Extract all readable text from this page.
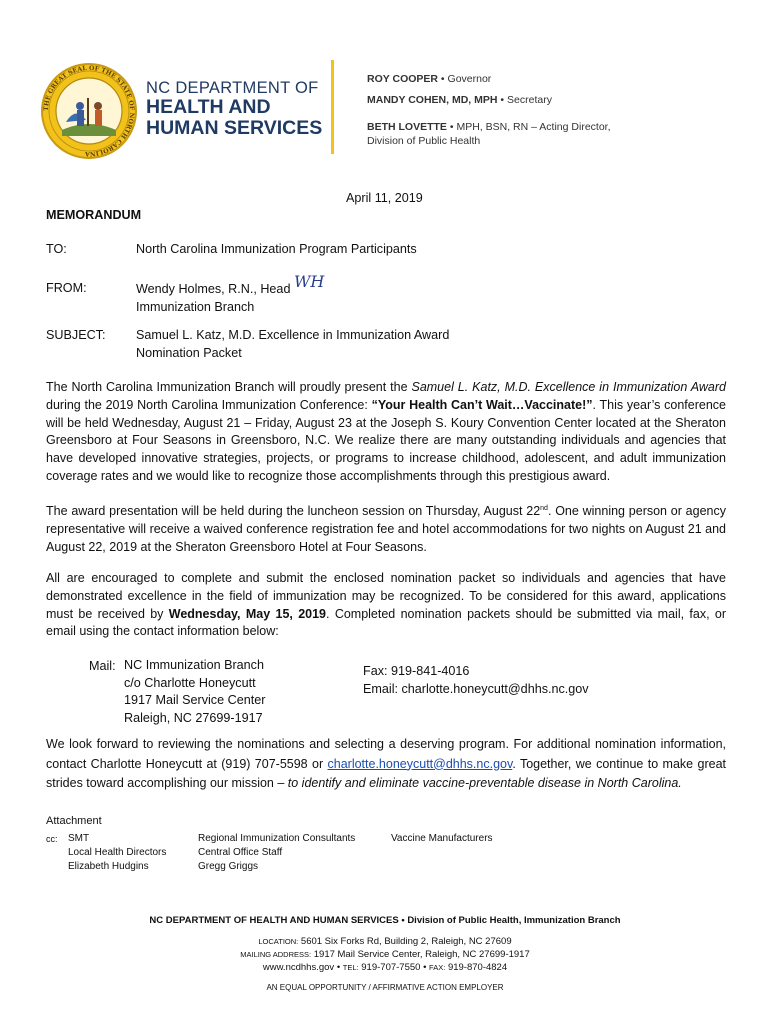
THE GREAT SEAL OF THE STATE OF NORTH CAROLINA
NC DEPARTMENT OF
HEALTH AND
HUMAN SERVICES
ROY COOPER • Governor
MANDY COHEN, MD, MPH • Secretary
BETH LOVETTE • MPH, BSN, RN – Acting Director,
Division of Public Health
April 11, 2019
MEMORANDUM
TO:	North Carolina Immunization Program Participants
FROM:	Wendy Holmes, R.N., Head WH
Immunization Branch
SUBJECT: Samuel L. Katz, M.D. Excellence in Immunization Award
Nomination Packet
The North Carolina Immunization Branch will proudly present the Samuel L. Katz, M.D. Excellence in Immunization Award during the 2019 North Carolina Immunization Conference: “Your Health Can’t Wait…Vaccinate!”. This year’s conference will be held Wednesday, August 21 – Friday, August 23 at the Joseph S. Koury Convention Center located at the Sheraton Greensboro at Four Seasons in Greensboro, N.C. We realize there are many outstanding individuals and agencies that have developed innovative strategies, projects, or programs to increase childhood, adolescent, and adult immunization coverage rates and we would like to recognize those accomplishments through this prestigious award.
The award presentation will be held during the luncheon session on Thursday, August 22nd. One winning person or agency representative will receive a waived conference registration fee and hotel accommodations for two nights on August 21 and August 22, 2019 at the Sheraton Greensboro Hotel at Four Seasons.
All are encouraged to complete and submit the enclosed nomination packet so individuals and agencies that have demonstrated excellence in the field of immunization may be recognized. To be considered for this award, applications must be received by Wednesday, May 15, 2019. Completed nomination packets should be submitted via mail, fax, or email using the contact information below:
Mail: NC Immunization Branch
c/o Charlotte Honeycutt
1917 Mail Service Center
Raleigh, NC 27699-1917
Fax: 919-841-4016
Email: charlotte.honeycutt@dhhs.nc.gov
We look forward to reviewing the nominations and selecting a deserving program. For additional nomination information, contact Charlotte Honeycutt at (919) 707-5598 or charlotte.honeycutt@dhhs.nc.gov. Together, we continue to make great strides toward accomplishing our mission – to identify and eliminate vaccine-preventable disease in North Carolina.
Attachment
cc: SMT
Local Health Directors
Elizabeth Hudgins
Regional Immunization Consultants
Central Office Staff
Gregg Griggs
Vaccine Manufacturers
NC DEPARTMENT OF HEALTH AND HUMAN SERVICES • Division of Public Health, Immunization Branch
LOCATION: 5601 Six Forks Rd, Building 2, Raleigh, NC 27609
MAILING ADDRESS: 1917 Mail Service Center, Raleigh, NC 27699-1917
www.ncdhhs.gov • TEL: 919-707-7550 • FAX: 919-870-4824
AN EQUAL OPPORTUNITY / AFFIRMATIVE ACTION EMPLOYER
